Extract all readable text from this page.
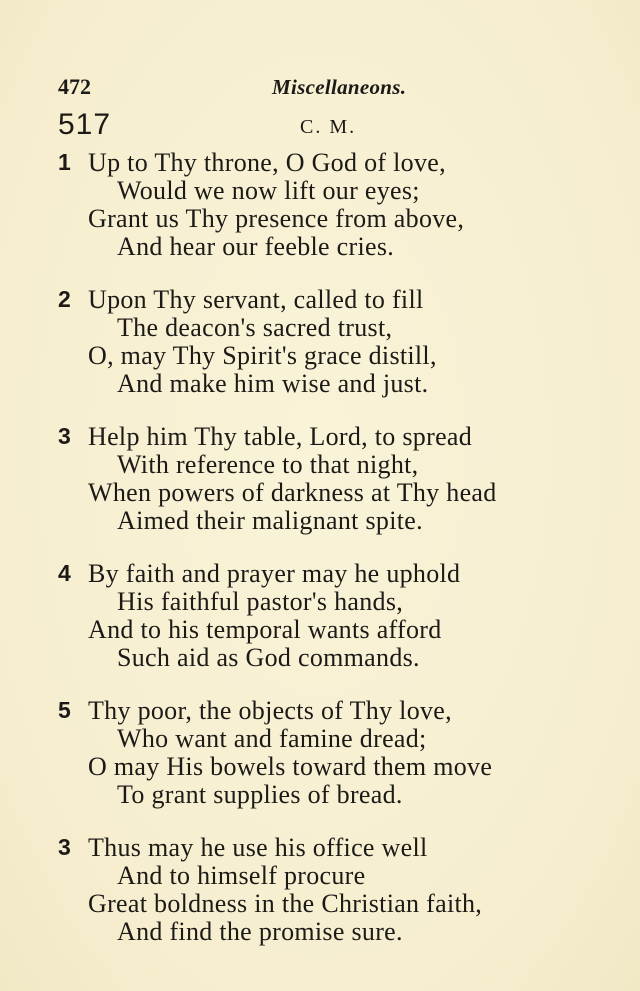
472	Miscellaneons.
517	C. M.
1 Up to Thy throne, O God of love,
Would we now lift our eyes;
Grant us Thy presence from above,
And hear our feeble cries.
2 Upon Thy servant, called to fill
The deacon's sacred trust,
O, may Thy Spirit's grace distill,
And make him wise and just.
3 Help him Thy table, Lord, to spread
With reference to that night,
When powers of darkness at Thy head
Aimed their malignant spite.
4 By faith and prayer may he uphold
His faithful pastor's hands,
And to his temporal wants afford
Such aid as God commands.
5 Thy poor, the objects of Thy love,
Who want and famine dread;
O may His bowels toward them move
To grant supplies of bread.
3 Thus may he use his office well
And to himself procure
Great boldness in the Christian faith,
And find the promise sure.
